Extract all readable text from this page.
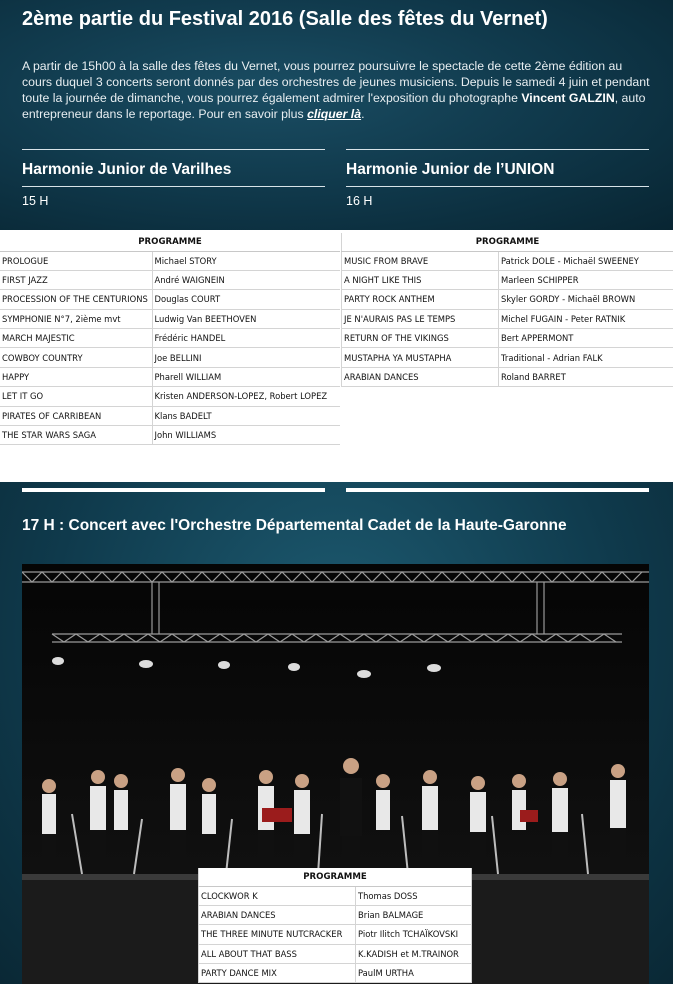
2ème partie du Festival 2016 (Salle des fêtes du Vernet)
A partir de 15h00 à la salle des fêtes du Vernet, vous pourrez poursuivre le spectacle de cette 2ème édition au cours duquel 3 concerts seront donnés par des orchestres de jeunes musiciens. Depuis le samedi 4 juin et pendant toute la journée de dimanche, vous pourrez également admirer l'exposition du photographe Vincent GALZIN, auto entrepreneur dans le reportage. Pour en savoir plus cliquer là.
Harmonie Junior de Varilhes	Harmonie Junior de l’UNION
15 H	16 H
PROGRAMME	
PROLOGUE	Michael STORY
FIRST JAZZ	André WAIGNEIN
PROCESSION OF THE CENTURIONS	Douglas COURT
SYMPHONIE N°7, 2ième mvt	Ludwig Van BEETHOVEN
MARCH MAJESTIC	Frédéric HANDEL
COWBOY COUNTRY	Joe BELLINI
HAPPY	Pharell WILLIAM
LET IT GO	Kristen ANDERSON-LOPEZ, Robert LOPEZ
PIRATES OF CARRIBEAN	Klans BADELT
THE STAR WARS SAGA	John WILLIAMS
PROGRAMME	
MUSIC FROM BRAVE	Patrick DOLE - Michaël SWEENEY
A NIGHT LIKE THIS	Marleen SCHIPPER
PARTY ROCK ANTHEM	Skyler GORDY - Michaël BROWN
JE N'AURAIS PAS LE TEMPS	Michel FUGAIN - Peter RATNIK
RETURN OF THE VIKINGS	Bert APPERMONT
MUSTAPHA YA MUSTAPHA	Traditional - Adrian FALK
ARABIAN DANCES	Roland BARRET
17 H : Concert avec l'Orchestre Départemental Cadet de la Haute-Garonne
PROGRAMME	
CLOCKWOR K	Thomas DOSS
ARABIAN DANCES	Brian BALMAGE
THE THREE MINUTE NUTCRACKER	Piotr Ilitch TCHAÏKOVSKI
ALL ABOUT THAT BASS	K.KADISH et M.TRAINOR
PARTY DANCE MIX	PaulM URTHA
